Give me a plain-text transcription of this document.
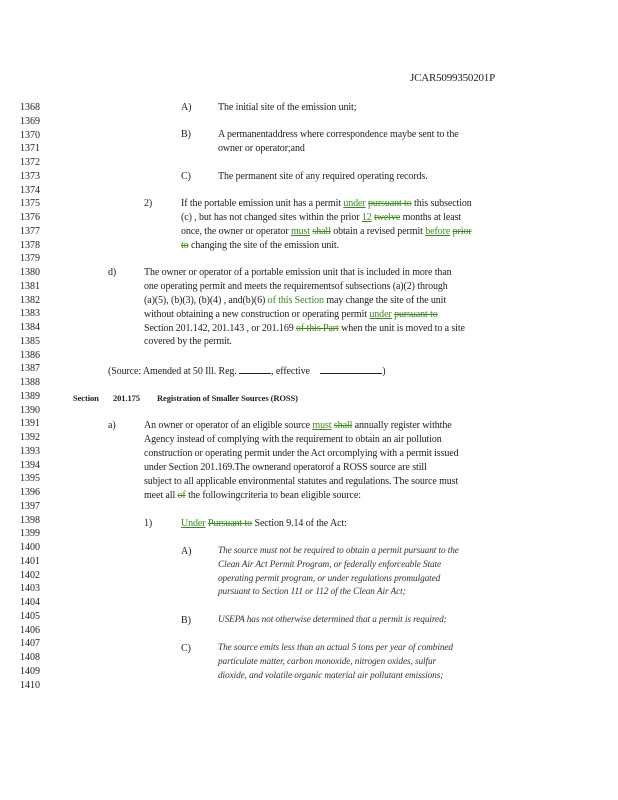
JCAR5099350201P
1368
1369
1370
1371
1372
1373
1374
1375
1376
1377
1378
1379
1380
1381
1382
1383
1384
1385
1386
1387
1388
1389
1390
1391
1392
1393
1394
1395
1396
1397
1398
1399
1400
1401
1402
1403
1404
1405
1406
1407
1408
1409
1410
A)	The initial site of the emission unit;
B)	A permanentaddress where correspondence maybe sent to the
owner or operator;and
C)	The permanent site of any required operating records.
2)	If the portable emission unit has a permit under pursuant to this subsection
(c) , but has not changed sites within the prior 12 twelve months at least
once, the owner or operator must shall obtain a revised permit before prior
to changing the site of the emission unit.
d)	The owner or operator of a portable emission unit that is included in more than
one operating permit and meets the requirementsof subsections (a)(2) through
(a)(5), (b)(3), (b)(4) , and(b)(6) of this Section may change the site of the unit
without obtaining a new construction or operating permit under pursuant to
Section 201.142, 201.143 , or 201.169 of this Part when the unit is moved to a site
covered by the permit.
(Source: Amended at 50 Ill. Reg.	, effective	)
Section 201.175 Registration of Smaller Sources (ROSS)
a)	An owner or operator of an eligible source must shall annually register withthe
Agency instead of complying with the requirement to obtain an air pollution
construction or operating permit under the Act orcomplying with a permit issued
under Section 201.169.The ownerand operatorof a ROSS source are still
subject to all applicable environmental statutes and regulations. The source must
meet all of the followingcriteria to bean eligible source:
1)	Under Pursuant to Section 9.14 of the Act:
A)	The source must not be required to obtain a permit pursuant to the
Clean Air Act Permit Program, or federally enforceable State
operating permit program, or under regulations promulgated
pursuant to Section 111 or 112 of the Clean Air Act;
B)	USEPA has not otherwise determined that a permit is required;
C)	The source emits less than an actual 5 tons per year of combined
particulate matter, carbon monoxide, nitrogen oxides, sulfur
dioxide, and volatile organic material air pollutant emissions;
